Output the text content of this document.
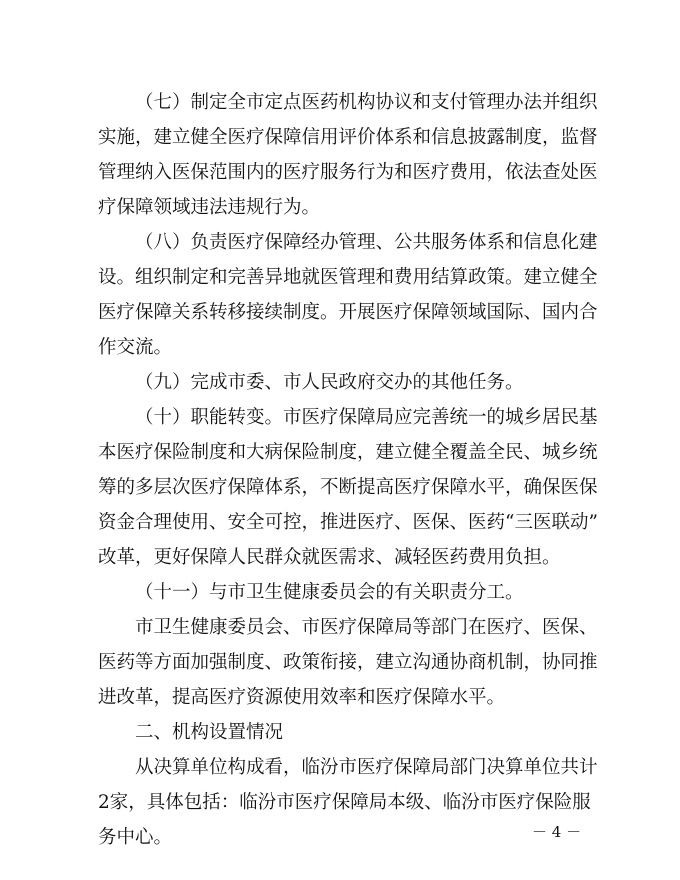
（七）制定全市定点医药机构协议和支付管理办法并组织
实施，建立健全医疗保障信用评价体系和信息披露制度，监督
管理纳入医保范围内的医疗服务行为和医疗费用，依法查处医
疗保障领域违法违规行为。
（八）负责医疗保障经办管理、公共服务体系和信息化建
设。组织制定和完善异地就医管理和费用结算政策。建立健全
医疗保障关系转移接续制度。开展医疗保障领域国际、国内合
作交流。
（九）完成市委、市人民政府交办的其他任务。
（十）职能转变。市医疗保障局应完善统一的城乡居民基
本医疗保险制度和大病保险制度，建立健全覆盖全民、城乡统
筹的多层次医疗保障体系，不断提高医疗保障水平，确保医保
资金合理使用、安全可控，推进医疗、医保、医药“三医联动”
改革，更好保障人民群众就医需求、减轻医药费用负担。
（十一）与市卫生健康委员会的有关职责分工。
市卫生健康委员会、市医疗保障局等部门在医疗、医保、
医药等方面加强制度、政策衔接，建立沟通协商机制，协同推
进改革，提高医疗资源使用效率和医疗保障水平。
二、机构设置情况
从决算单位构成看，临汾市医疗保障局部门决算单位共计
2家，具体包括：临汾市医疗保障局本级、临汾市医疗保险服
务中心。	－ 4 －
